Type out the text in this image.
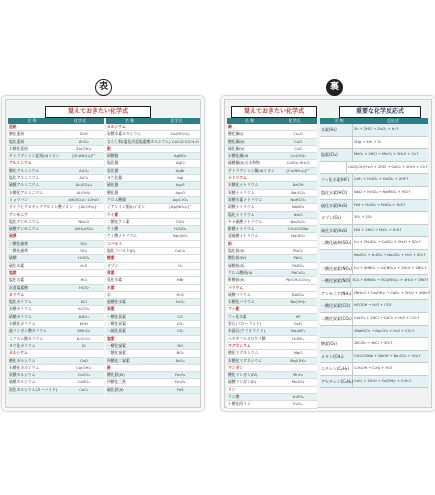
表	裏
覚えておきたい化学式
名 称	化学式
亜鉛
酸化亜鉛	ZnO
塩化亜鉛	ZnCl₂
水酸化亜鉛	Zn(OH)₂
テトラアンミン亜鉛(II)イオン	[Zn(NH₃)₄]²⁺
アルミニウム
酸化アルミニウム	Al₂O₃
塩化アルミニウム	AlCl₃
硫酸アルミニウム	Al₂(SO₄)₃
水酸化アルミニウム	Al(OH)₃
ミョウバン	AlK(SO₄)₂·12H₂O
テトラヒドロキシドアルミン酸イオン	[Al(OH)₄]⁻
アンモニア
塩化アンモニウム	NH₄Cl
硫酸アンモニウム	(NH₄)₂SO₄
硫黄
二酸化硫黄	SO₂
三酸化硫黄	SO₃
硫酸	H₂SO₄
硫化水素	H₂S
塩素
塩化水素	HCl
次亜塩素酸	HClO
カリウム
塩化カリウム	KCl
炭酸カリウム	K₂CO₃
硝酸カリウム	KNO₃
水酸化カリウム	KOH
過マンガン酸カリウム	KMnO₄
ニクロム酸カリウム	K₂Cr₂O₇
ヨウ化カリウム	KI
カルシウム
酸化カルシウム	CaO
水酸化カルシウム	Ca(OH)₂
炭酸カルシウム	CaCO₃
硫酸カルシウム	CaSO₄
炭化カルシウム(カーバイド)	CaC₂
名 称	化学式
カルシウム
炭酸水素カルシウム	Ca(HCO₃)₂
さらし粉(塩化次亜塩素酸カルシウム) CaCl(ClO)·H₂O
銀
硝酸銀	AgNO₃
塩化銀	AgCl
臭化銀	AgBr
ヨウ化銀	AgI
硫化銀	Ag₂S
酸化銀	Ag₂O
クロム酸銀	Ag₂CrO₄
ジアンミン銀(I)イオン	[Ag(NH₃)₂]⁺
ケイ素
二酸化ケイ素	SiO₂
ケイ酸	H₂SiO₃
ケイ酸ナトリウム	Na₂SiO₃
コバルト
塩化コバルト(II)	CoCl₂
酸素
オゾン	O₃
臭素
臭化水素	HBr
水素
水	H₂O
過酸化水素	H₂O₂
炭素
一酸化炭素	CO
二酸化炭素	CO₂
二硫化炭素	CS₂
窒素
一酸化窒素	NO
二酸化窒素	NO₂
四酸化二窒素	N₂O₄
鉄
酸化鉄(III)	Fe₂O₃
四酸化三鉄	Fe₃O₄
硫化鉄(II)	FeS
覚えておきたい化学式	重要な化学反応式
名 称	化学式
銅
酸化銅(I)	Cu₂O
酸化銅(II)	CuO
硫化銅(II)	CuS
水酸化銅(II)	Cu(OH)₂
硫酸銅(II)五水和物	CuSO₄·5H₂O
テトラアンミン銅(II)イオン	[Cu(NH₃)₄]²⁺
ナトリウム
水酸化ナトリウム	NaOH
炭酸ナトリウム	Na₂CO₃
炭酸水素ナトリウム	NaHCO₃
硝酸ナトリウム	NaNO₃
塩化ナトリウム	NaCl
チオ硫酸ナトリウム	Na₂S₂O₃
酢酸ナトリウム	CH₃COONa
亜硫酸ナトリウム	Na₂SO₃
鉛
塩化鉛(II)	PbCl₂
酸化鉛(IV)	PbO₂
硫酸鉛(II)	PbSO₄
クロム酸鉛(II)	PbCrO₄
酢酸鉛(II)	Pb(CH₃COO)₂
バリウム
硫酸バリウム	BaSO₄
水酸化バリウム	Ba(OH)₂
フッ素
フッ化水素	HF
蛍石(フローライト)	CaF₂
氷晶石(クリオライト)	Na₃AlF₆
ヘキサフルオロケイ酸	H₂SiF₆
マグネシウム
酸化マグネシウム	MgO
水酸化マグネシウム	Mg(OH)₂
マンガン
酸化マンガン(IV)	MnO₂
硫酸マンガン(II)	MnSO₄
リン
リン酸	H₃PO₄
十酸化四リン	P₄O₁₀
名 称	反応式
水素(H₂)	Zn + 2HCl → ZnCl₂ + H₂↑
2Hg → 2H₂ + O₂
塩素(Cl₂)	MnO₂ + 4HCl → MnCl₂ + 2H₂O + Cl₂↑
CaCl(ClO)·H₂O + 2HCl → CaCl₂ + 2H₂O + Cl₂↑
フッ化水素(HF)	CaF₂ + H₂SO₄ → CaSO₄ + 2HF↑
塩化水素(HCl)	NaCl + H₂SO₄ → NaHSO₄ + HCl↑
硫化水素(H₂S)	FeS + H₂SO₄ → FeSO₄ + H₂S↑
オゾン(O₃)	3O₂ → 2O₃
硫化水素(H₂S)	FeS + 2HCl → FeCl₂ + H₂S↑
二酸化硫黄(SO₂) Cu + 2H₂SO₄ → CuSO₄ + 2H₂O + SO₂↑
Na₂SO₃ + H₂SO₄ → Na₂SO₄ + H₂O + SO₂↑
二酸化窒素(NO₂) Cu + 4HNO₃ → Cu(NO₃)₂ + 2H₂O + 2NO₂↑
一酸化窒素(NO) 3Cu + 8HNO₃ → 3Cu(NO₃)₂ + 4H₂O + 2NO↑
アンモニア(NH₃) 2NH₄Cl + Ca(OH)₂ → CaCl₂ + 2H₂O + 2NH₃↑
一酸化炭素(CO)	HCOOH → H₂O + CO↑
二酸化炭素(CO₂) CaCO₃ + 2HCl → CaCl₂ + H₂O + CO₂↑
2NaHCO₃ → Na₂CO₃ + H₂O + CO₂↑
酸素(O₂)	2KClO₃ → 2KCl + 3O₂↑
メタン(CH₄)	CH₃COONa + NaOH → Na₂CO₃ + CH₄↑
エチレン(C₂H₄)	C₂H₅OH → C₂H₄ + H₂O
アセチレン(C₂H₂) CaC₂ + 2H₂O → Ca(OH)₂ + C₂H₂↑
